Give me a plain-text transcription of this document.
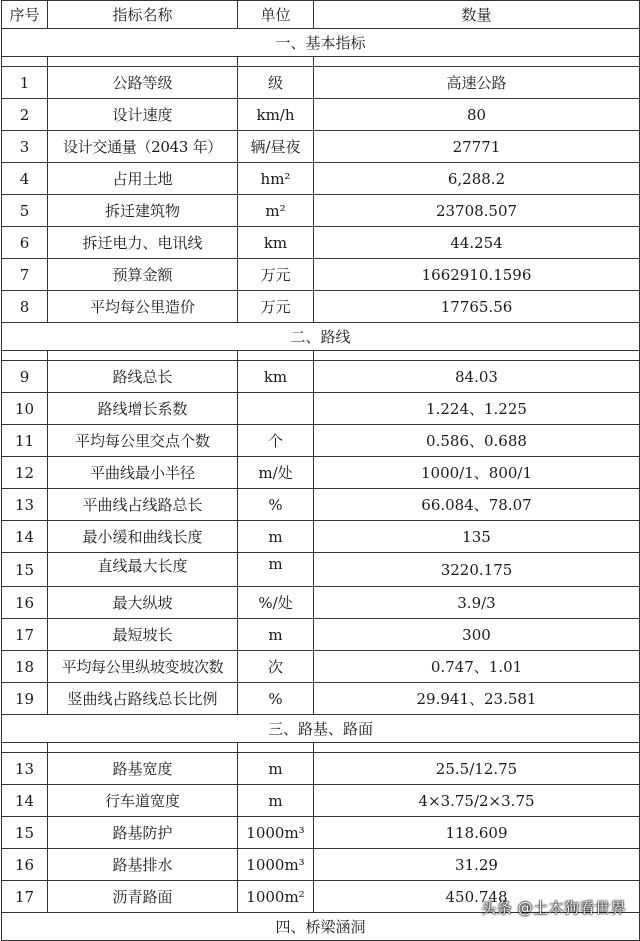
序号	指标名称	单位	数量
一、基本指标			

1	公路等级	级	高速公路
2	设计速度	km/h	80
3	设计交通量（2043 年）	辆/昼夜	27771
4	占用土地	hm²	6,288.2
5	拆迁建筑物	m²	23708.507
6	拆迁电力、电讯线	km	44.254
7	预算金额	万元	1662910.1596
8	平均每公里造价	万元	17765.56
二、路线			

9	路线总长	km	84.03
10	路线增长系数		1.224、1.225
11	平均每公里交点个数	个	0.586、0.688
12	平曲线最小半径	m/处	1000/1、800/1
13	平曲线占线路总长	%	66.084、78.07
14	最小缓和曲线长度	m	135
15	直线最大长度	m	3220.175
16	最大纵坡	%/处	3.9/3
17	最短坡长	m	300
18	平均每公里纵坡变坡次数	次	0.747、1.01
19	竖曲线占路线总长比例	%	29.941、23.581
三、路基、路面			

13	路基宽度	m	25.5/12.75
14	行车道宽度	m	4×3.75/2×3.75
15	路基防护	1000m³	118.609
16	路基排水	1000m³	31.29
17	沥青路面	1000m²	450.748
四、桥梁涵洞			
头条 @土木狗看世界
